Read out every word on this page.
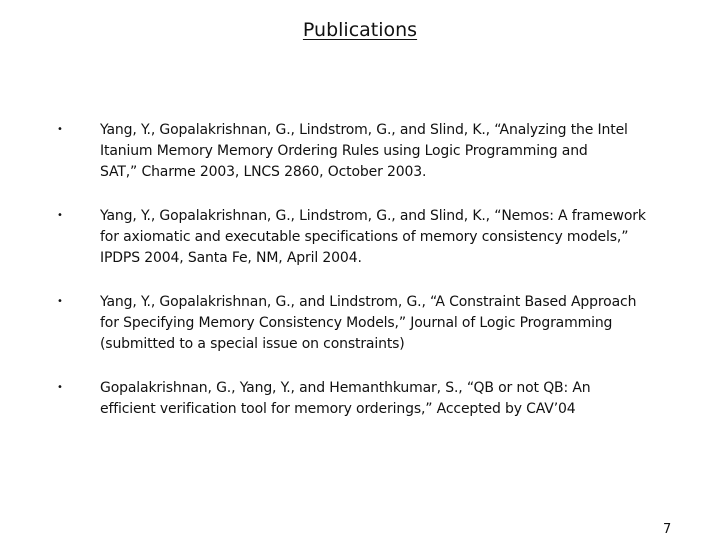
Publications
•	Yang, Y., Gopalakrishnan, G., Lindstrom, G., and Slind, K., “Analyzing the Intel
Itanium Memory Memory Ordering Rules using Logic Programming and
SAT,” Charme 2003, LNCS 2860, October 2003.
•	Yang, Y., Gopalakrishnan, G., Lindstrom, G., and Slind, K., “Nemos: A framework
for axiomatic and executable specifications of memory consistency models,”
IPDPS 2004, Santa Fe, NM, April 2004.
•	Yang, Y., Gopalakrishnan, G., and Lindstrom, G., “A Constraint Based Approach
for Specifying Memory Consistency Models,” Journal of Logic Programming
(submitted to a special issue on constraints)
•	Gopalakrishnan, G., Yang, Y., and Hemanthkumar, S., “QB or not QB: An
efficient verification tool for memory orderings,” Accepted by CAV’04
7
